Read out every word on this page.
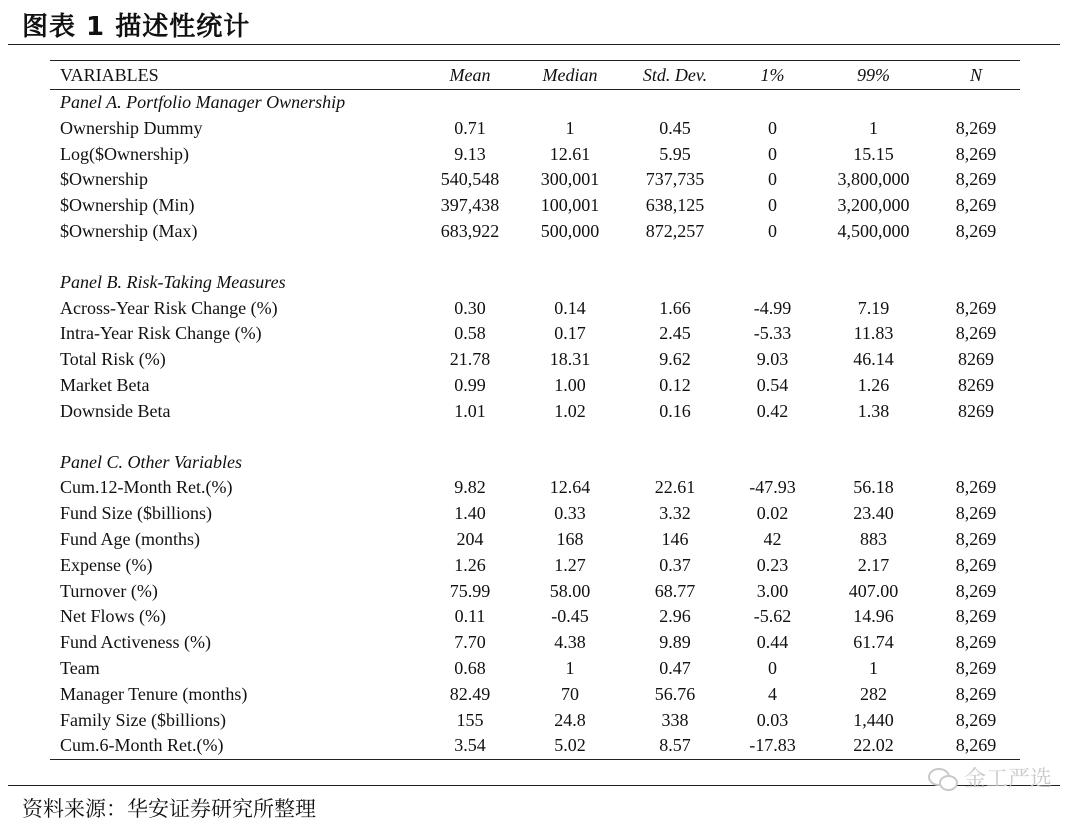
图表 1 描述性统计
VARIABLES	Mean	Median	Std. Dev.	1%	99%	N
Panel A. Portfolio Manager Ownership						
Ownership Dummy	0.71	1	0.45	0	1	8,269
Log($Ownership)	9.13	12.61	5.95	0	15.15	8,269
$Ownership	540,548	300,001	737,735	0	3,800,000	8,269
$Ownership (Min)	397,438	100,001	638,125	0	3,200,000	8,269
$Ownership (Max)	683,922	500,000	872,257	0	4,500,000	8,269

Panel B. Risk-Taking Measures						
Across-Year Risk Change (%)	0.30	0.14	1.66	-4.99	7.19	8,269
Intra-Year Risk Change (%)	0.58	0.17	2.45	-5.33	11.83	8,269
Total Risk (%)	21.78	18.31	9.62	9.03	46.14	8269
Market Beta	0.99	1.00	0.12	0.54	1.26	8269
Downside Beta	1.01	1.02	0.16	0.42	1.38	8269

Panel C. Other Variables						
Cum.12-Month Ret.(%)	9.82	12.64	22.61	-47.93	56.18	8,269
Fund Size ($billions)	1.40	0.33	3.32	0.02	23.40	8,269
Fund Age (months)	204	168	146	42	883	8,269
Expense (%)	1.26	1.27	0.37	0.23	2.17	8,269
Turnover (%)	75.99	58.00	68.77	3.00	407.00	8,269
Net Flows (%)	0.11	-0.45	2.96	-5.62	14.96	8,269
Fund Activeness (%)	7.70	4.38	9.89	0.44	61.74	8,269
Team	0.68	1	0.47	0	1	8,269
Manager Tenure (months)	82.49	70	56.76	4	282	8,269
Family Size ($billions)	155	24.8	338	0.03	1,440	8,269
Cum.6-Month Ret.(%)	3.54	5.02	8.57	-17.83	22.02	8,269
资料来源：华安证券研究所整理
金工严选
